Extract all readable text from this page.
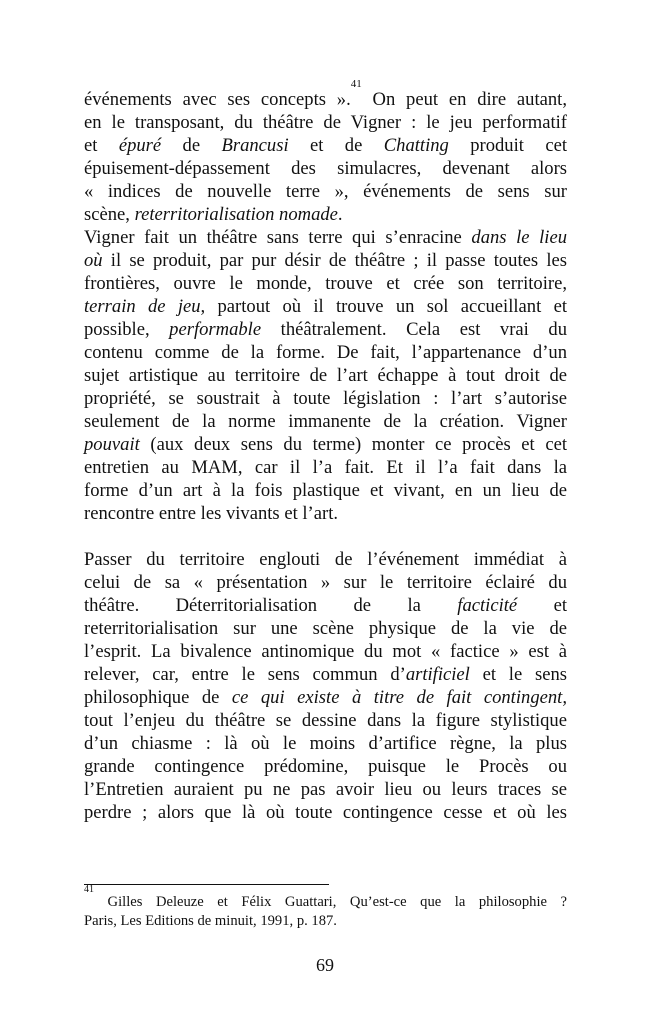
événements avec ses concepts ».$^{41}$ On peut en dire autant,
en le transposant, du théâtre de Vigner : le jeu performatif
et épuré de Brancusi et de Chatting produit cet
épuisement-dépassement des simulacres, devenant alors
« indices de nouvelle terre », événements de sens sur
scène, reterritorialisation nomade.

Vigner fait un théâtre sans terre qui s’enracine dans le lieu
où il se produit, par pur désir de théâtre ; il passe toutes les
frontières, ouvre le monde, trouve et crée son territoire,
terrain de jeu, partout où il trouve un sol accueillant et
possible, performable théâtralement. Cela est vrai du
contenu comme de la forme. De fait, l’appartenance d’un
sujet artistique au territoire de l’art échappe à tout droit de
propriété, se soustrait à toute législation : l’art s’autorise
seulement de la norme immanente de la création. Vigner
pouvait (aux deux sens du terme) monter ce procès et cet
entretien au MAM, car il l’a fait. Et il l’a fait dans la
forme d’un art à la fois plastique et vivant, en un lieu de
rencontre entre les vivants et l’art.

Passer du territoire englouti de l’événement immédiat à
celui de sa « présentation » sur le territoire éclairé du
théâtre. Déterritorialisation de la facticité et
reterritorialisation sur une scène physique de la vie de
l’esprit. La bivalence antinomique du mot « factice » est à
relever, car, entre le sens commun d’artificiel et le sens
philosophique de ce qui existe à titre de fait contingent,
tout l’enjeu du théâtre se dessine dans la figure stylistique
d’un chiasme : là où le moins d’artifice règne, la plus
grande contingence prédomine, puisque le Procès ou
l’Entretien auraient pu ne pas avoir lieu ou leurs traces se
perdre ; alors que là où toute contingence cesse et où les

$^{41}$ Gilles Deleuze et Félix Guattari, Qu’est-ce que la philosophie ?
Paris, Les Editions de minuit, 1991, p. 187.
69
